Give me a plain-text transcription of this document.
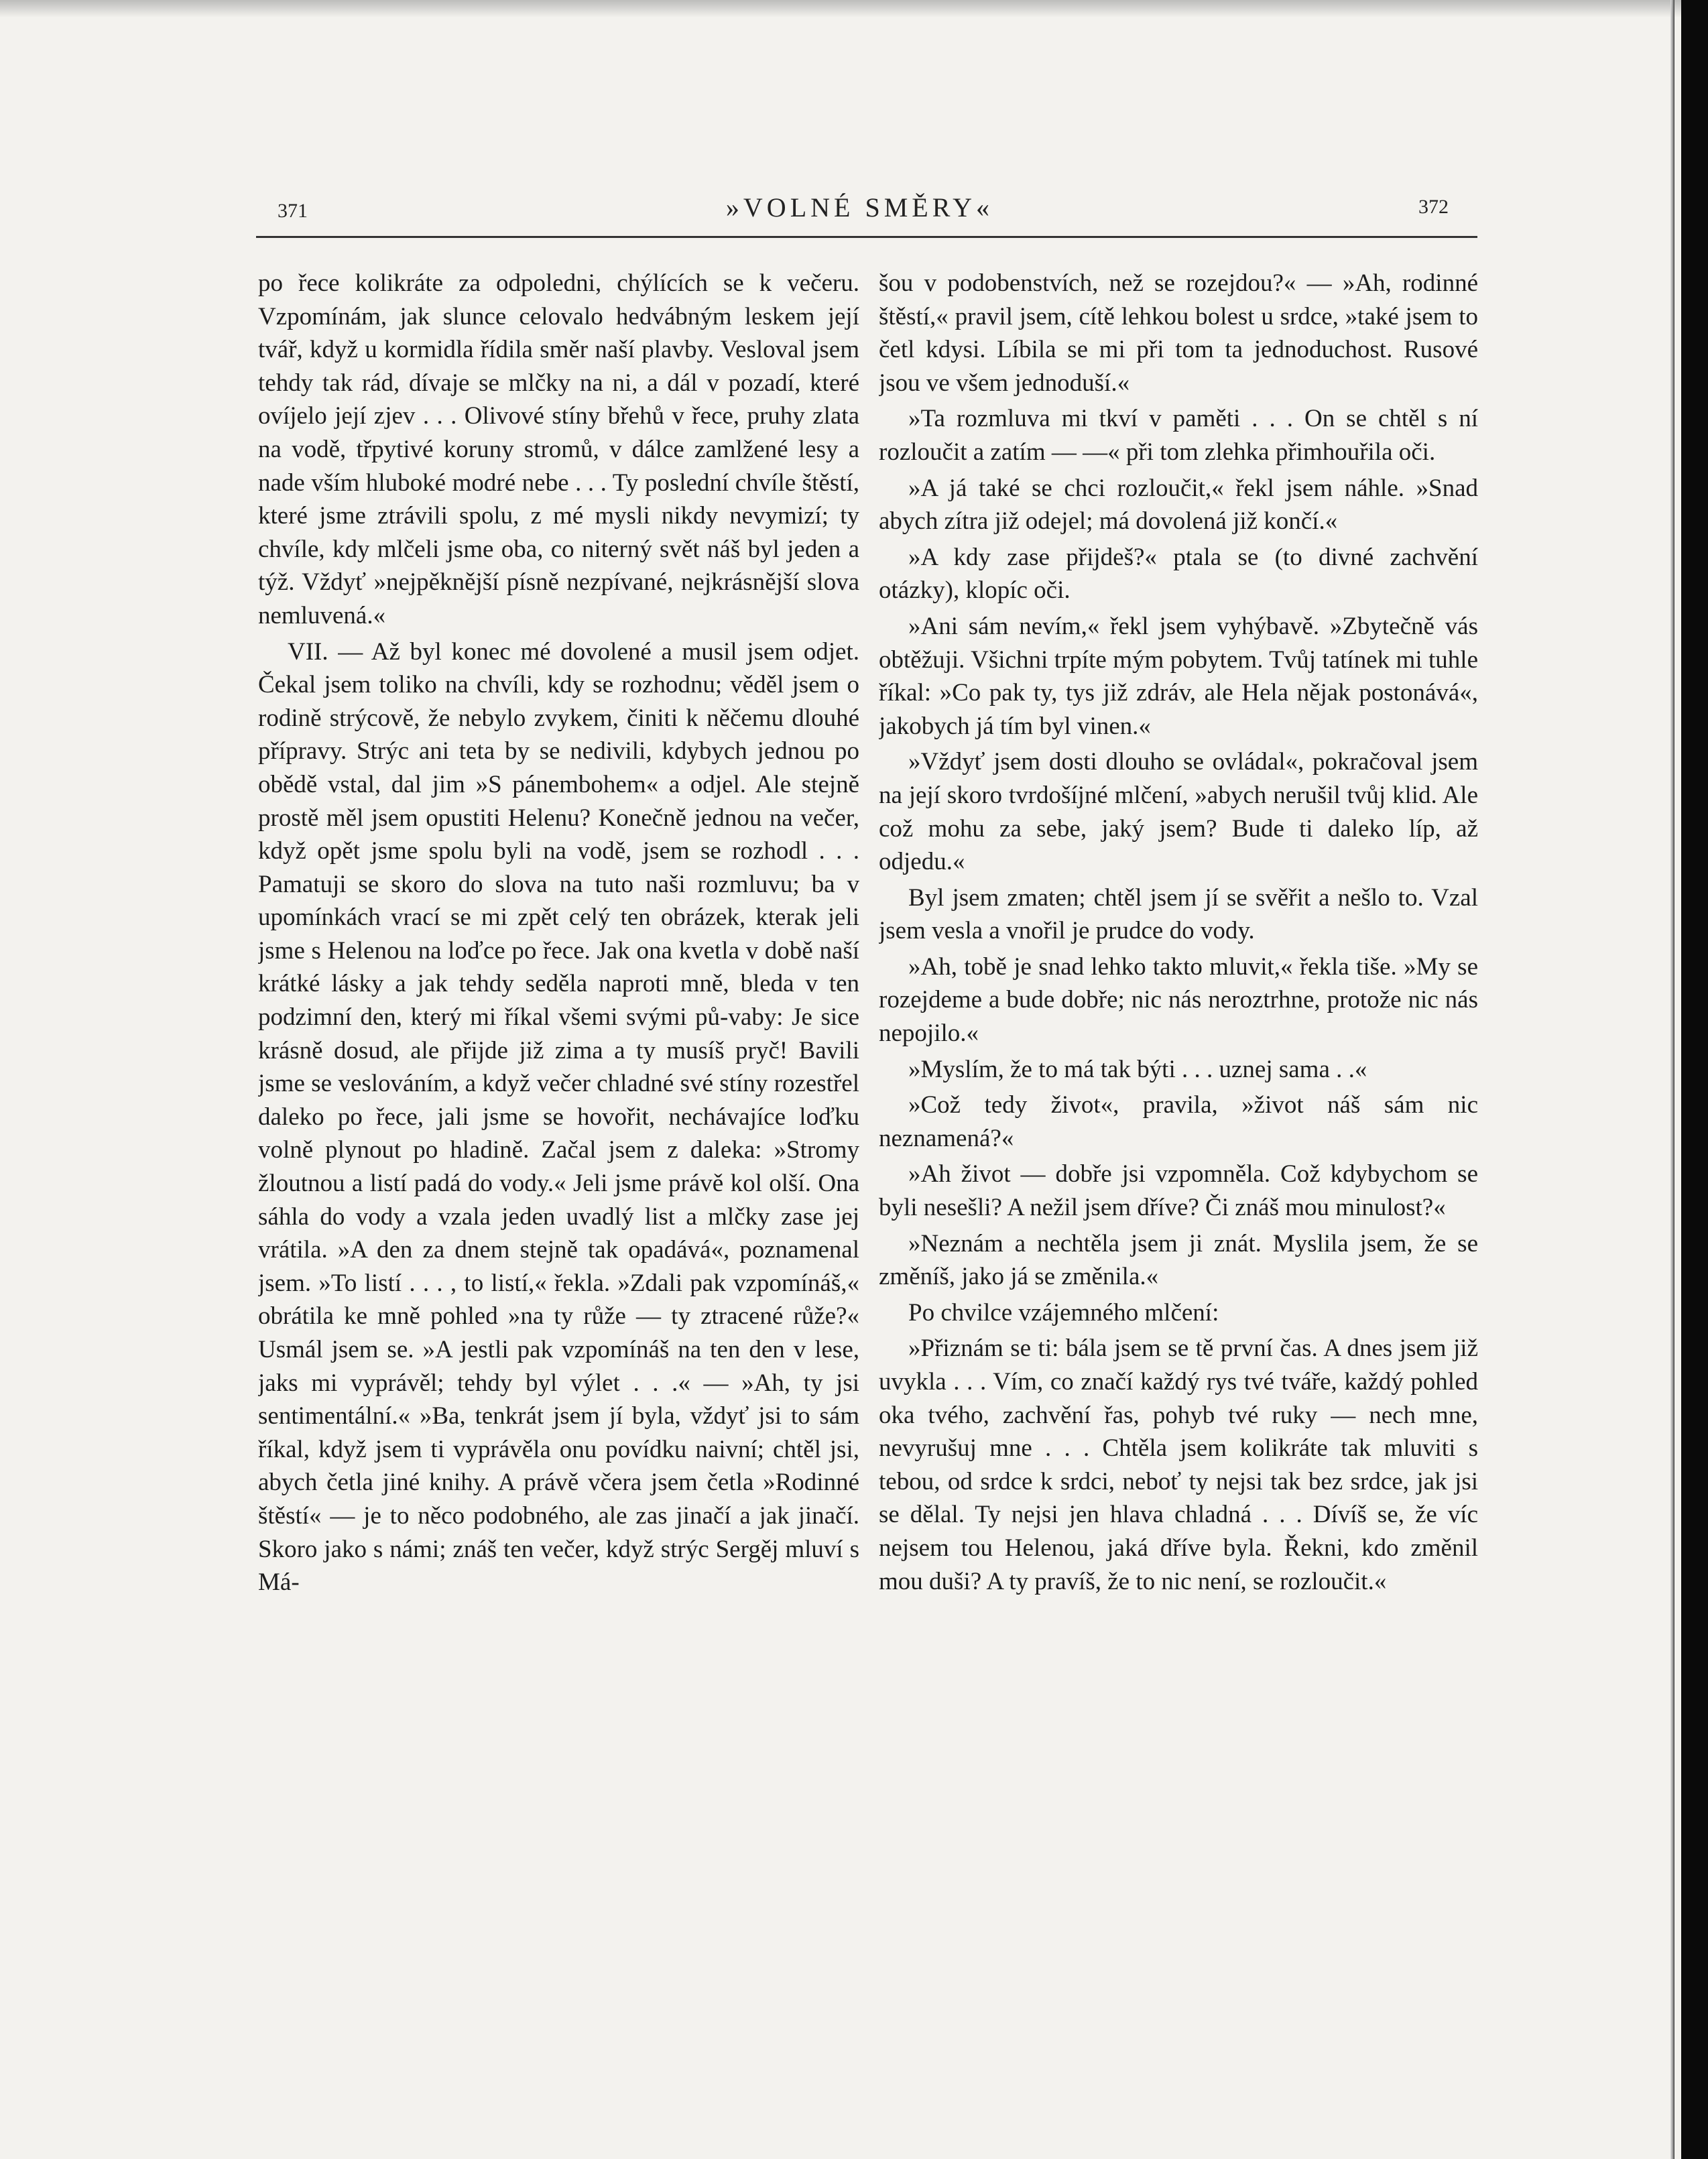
371	»VOLNÉ SMĚRY«	372

po řece kolikráte za odpoledni, chýlících se k večeru. Vzpomínám, jak slunce celovalo hedvábným leskem její tvář, když u kormidla řídila směr naší plavby. Vesloval jsem tehdy tak rád, dívaje se mlčky na ni, a dál v pozadí, které ovíjelo její zjev . . . Olivové stíny břehů v řece, pruhy zlata na vodě, třpytivé koruny stromů, v dálce zamlžené lesy a nade vším hluboké modré nebe . . . Ty poslední chvíle štěstí, které jsme ztrávili spolu, z mé mysli nikdy nevymizí; ty chvíle, kdy mlčeli jsme oba, co niterný svět náš byl jeden a týž. Vždyť »nejpěknější písně nezpívané, nejkrásnější slova nemluvená.«

VII. — Až byl konec mé dovolené a musil jsem odjet. Čekal jsem toliko na chvíli, kdy se rozhodnu; věděl jsem o rodině strýcově, že nebylo zvykem, činiti k něčemu dlouhé přípravy. Strýc ani teta by se nedivili, kdybych jednou po obědě vstal, dal jim »S pánembohem« a odjel. Ale stejně prostě měl jsem opustiti Helenu? Konečně jednou na večer, když opět jsme spolu byli na vodě, jsem se rozhodl . . . Pamatuji se skoro do slova na tuto naši rozmluvu; ba v upomínkách vrací se mi zpět celý ten obrázek, kterak jeli jsme s Helenou na loďce po řece. Jak ona kvetla v době naší krátké lásky a jak tehdy seděla naproti mně, bleda v ten podzimní den, který mi říkal všemi svými pů-vaby: Je sice krásně dosud, ale přijde již zima a ty musíš pryč! Bavili jsme se veslováním, a když večer chladné své stíny rozestřel daleko po řece, jali jsme se hovořit, nechávajíce loďku volně plynout po hladině. Začal jsem z daleka: »Stromy žloutnou a listí padá do vody.« Jeli jsme právě kol olší. Ona sáhla do vody a vzala jeden uvadlý list a mlčky zase jej vrátila. »A den za dnem stejně tak opadává«, poznamenal jsem. »To listí . . . , to listí,« řekla. »Zdali pak vzpomínáš,« obrátila ke mně pohled »na ty růže — ty ztracené růže?« Usmál jsem se. »A jestli pak vzpomínáš na ten den v lese, jaks mi vyprávěl; tehdy byl výlet . . .« — »Ah, ty jsi sentimentální.« »Ba, tenkrát jsem jí byla, vždyť jsi to sám říkal, když jsem ti vyprávěla onu povídku naivní; chtěl jsi, abych četla jiné knihy. A právě včera jsem četla »Rodinné štěstí« — je to něco podobného, ale zas jinačí a jak jinačí. Skoro jako s námi; znáš ten večer, když strýc Sergěj mluví s Má-

šou v podobenstvích, než se rozejdou?« — »Ah, rodinné štěstí,« pravil jsem, cítě lehkou bolest u srdce, »také jsem to četl kdysi. Líbila se mi při tom ta jednoduchost. Rusové jsou ve všem jednoduší.«

»Ta rozmluva mi tkví v paměti . . . On se chtěl s ní rozloučit a zatím — —« při tom zlehka přimhouřila oči.

»A já také se chci rozloučit,« řekl jsem náhle. »Snad abych zítra již odejel; má dovolená již končí.«

»A kdy zase přijdeš?« ptala se (to divné zachvění otázky), klopíc oči.

»Ani sám nevím,« řekl jsem vyhýbavě. »Zbytečně vás obtěžuji. Všichni trpíte mým pobytem. Tvůj tatínek mi tuhle říkal: »Co pak ty, tys již zdráv, ale Hela nějak postonává«, jakobych já tím byl vinen.«

»Vždyť jsem dosti dlouho se ovládal«, pokračoval jsem na její skoro tvrdošíjné mlčení, »abych nerušil tvůj klid. Ale což mohu za sebe, jaký jsem? Bude ti daleko líp, až odjedu.«

Byl jsem zmaten; chtěl jsem jí se svěřit a nešlo to. Vzal jsem vesla a vnořil je prudce do vody.

»Ah, tobě je snad lehko takto mluvit,« řekla tiše. »My se rozejdeme a bude dobře; nic nás neroztrhne, protože nic nás nepojilo.«

»Myslím, že to má tak býti . . . uznej sama . .«

»Což tedy život«, pravila, »život náš sám nic neznamená?«

»Ah život — dobře jsi vzpomněla. Což kdybychom se byli nesešli? A nežil jsem dříve? Či znáš mou minulost?«

»Neznám a nechtěla jsem ji znát. Myslila jsem, že se změníš, jako já se změnila.«

Po chvilce vzájemného mlčení:

»Přiznám se ti: bála jsem se tě první čas. A dnes jsem již uvykla . . . Vím, co značí každý rys tvé tváře, každý pohled oka tvého, zachvění řas, pohyb tvé ruky — nech mne, nevyrušuj mne . . . Chtěla jsem kolikráte tak mluviti s tebou, od srdce k srdci, neboť ty nejsi tak bez srdce, jak jsi se dělal. Ty nejsi jen hlava chladná . . . Dívíš se, že víc nejsem tou Helenou, jaká dříve byla. Řekni, kdo změnil mou duši? A ty pravíš, že to nic není, se rozloučit.«
